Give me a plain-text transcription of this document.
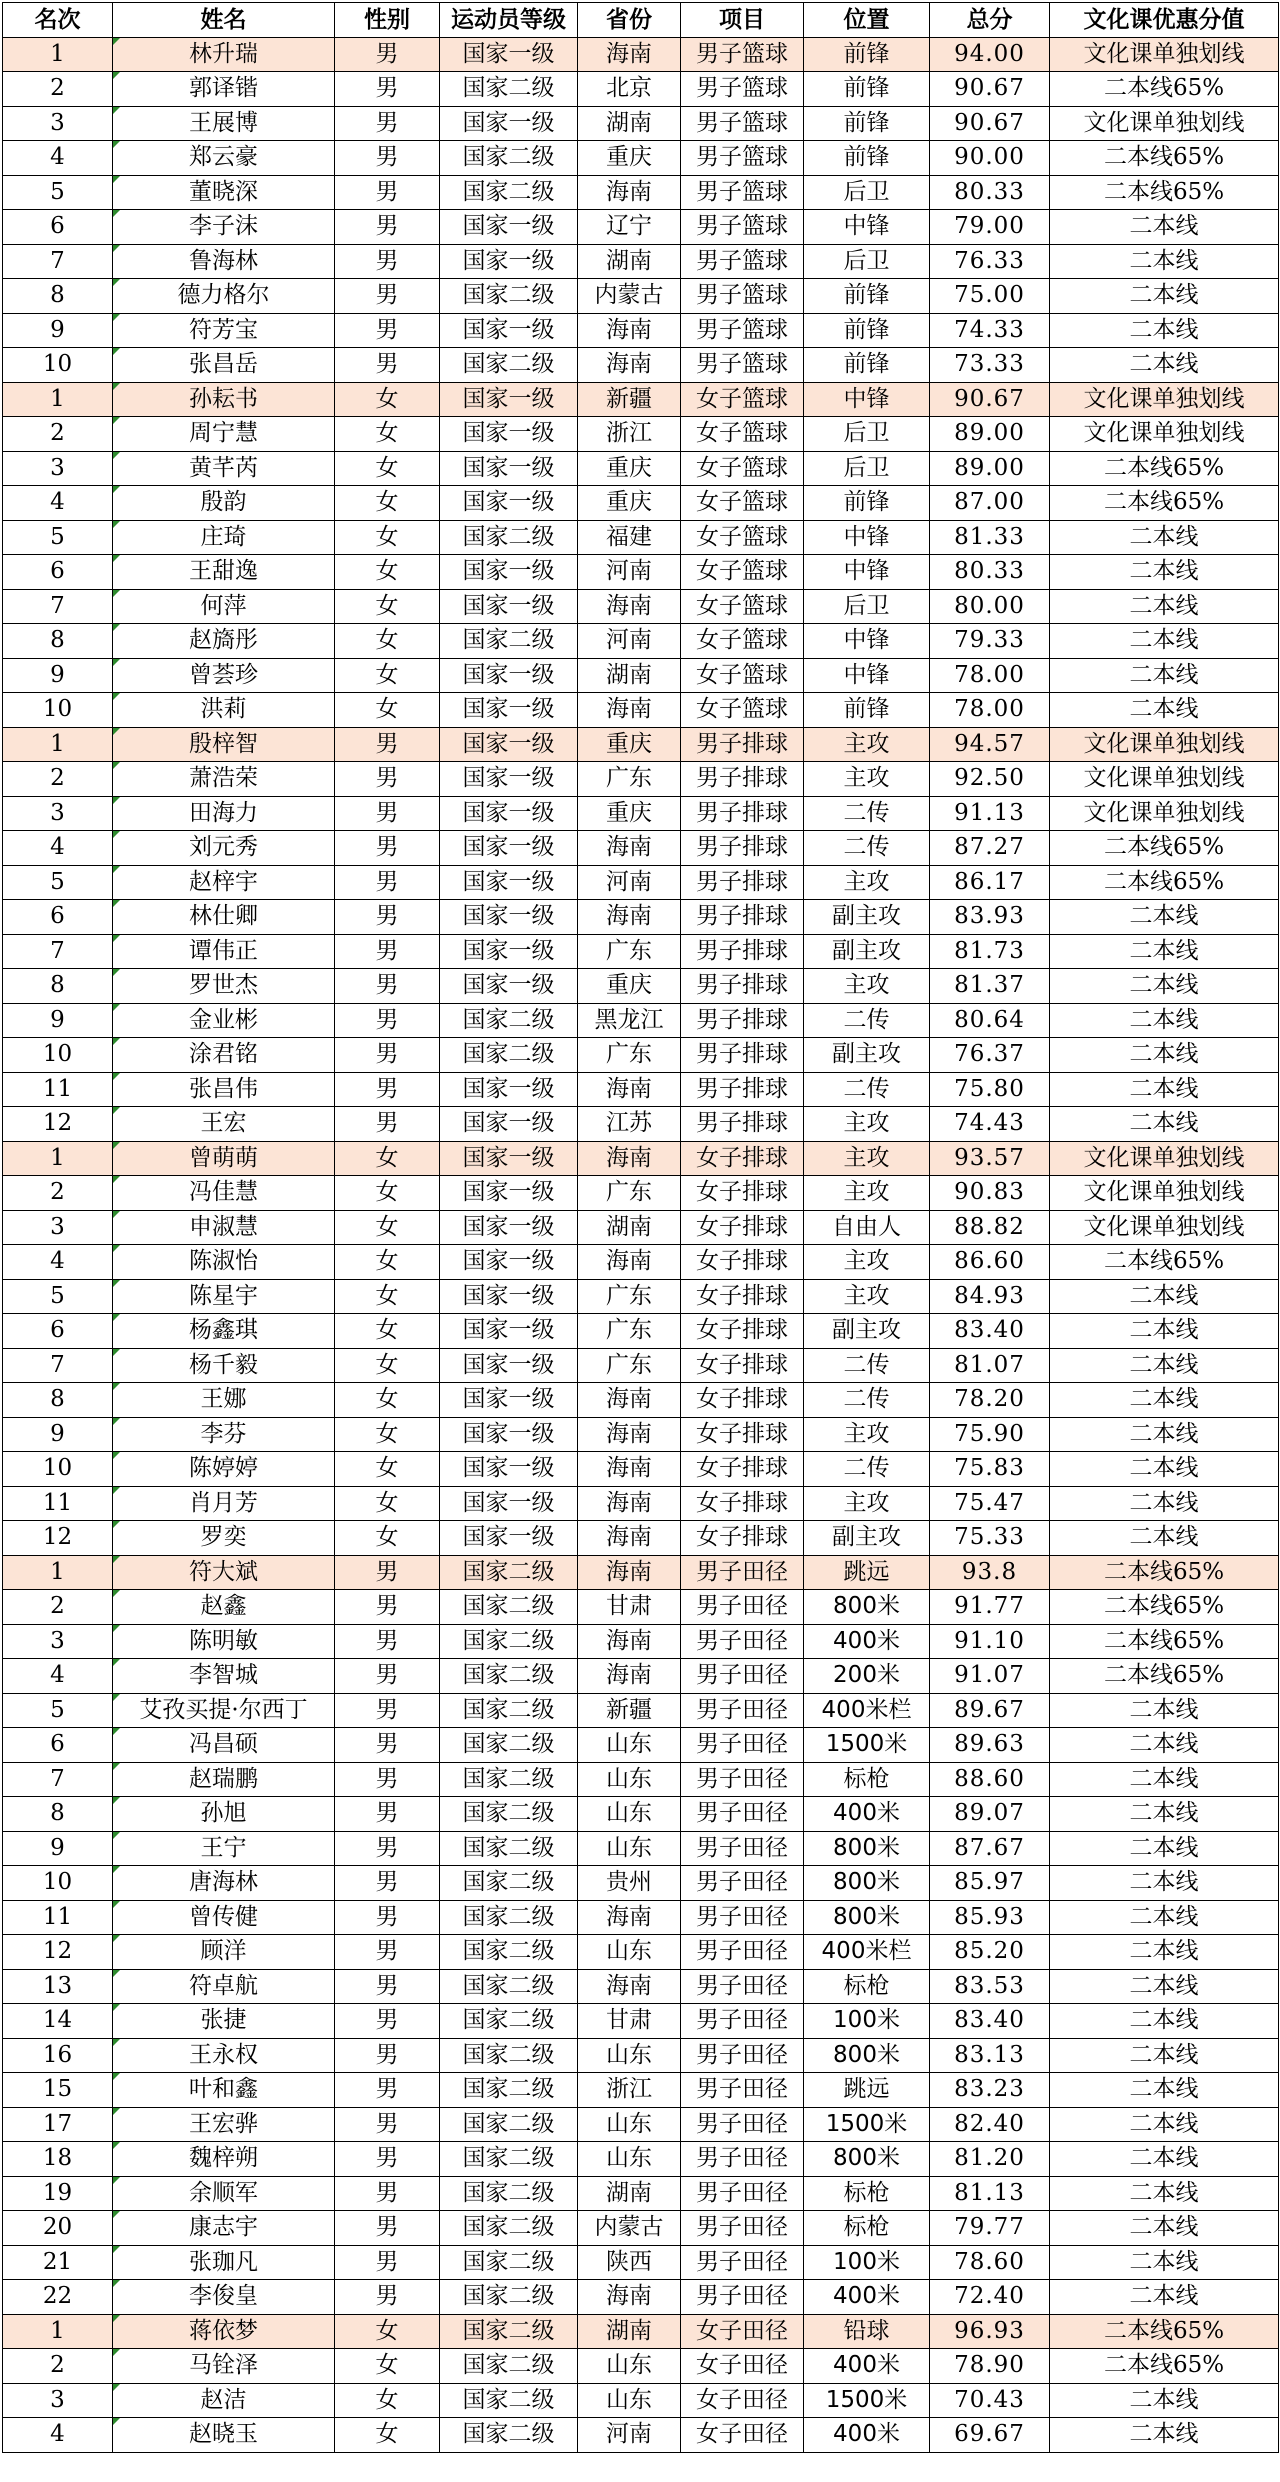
名次	姓名	性别	运动员等级	省份	项目	位置	总分	文化课优惠分值
1	林升瑞	男	国家一级	海南	男子篮球	前锋	94.00	文化课单独划线
2	郭译锴	男	国家二级	北京	男子篮球	前锋	90.67	二本线65%
3	王展博	男	国家一级	湖南	男子篮球	前锋	90.67	文化课单独划线
4	郑云豪	男	国家二级	重庆	男子篮球	前锋	90.00	二本线65%
5	董晓深	男	国家二级	海南	男子篮球	后卫	80.33	二本线65%
6	李子沫	男	国家一级	辽宁	男子篮球	中锋	79.00	二本线
7	鲁海林	男	国家一级	湖南	男子篮球	后卫	76.33	二本线
8	德力格尔	男	国家二级	内蒙古	男子篮球	前锋	75.00	二本线
9	符芳宝	男	国家一级	海南	男子篮球	前锋	74.33	二本线
10	张昌岳	男	国家二级	海南	男子篮球	前锋	73.33	二本线
1	孙耘书	女	国家一级	新疆	女子篮球	中锋	90.67	文化课单独划线
2	周宁慧	女	国家一级	浙江	女子篮球	后卫	89.00	文化课单独划线
3	黄芊芮	女	国家一级	重庆	女子篮球	后卫	89.00	二本线65%
4	殷韵	女	国家一级	重庆	女子篮球	前锋	87.00	二本线65%
5	庄琦	女	国家二级	福建	女子篮球	中锋	81.33	二本线
6	王甜逸	女	国家一级	河南	女子篮球	中锋	80.33	二本线
7	何萍	女	国家一级	海南	女子篮球	后卫	80.00	二本线
8	赵旖彤	女	国家二级	河南	女子篮球	中锋	79.33	二本线
9	曾荟珍	女	国家一级	湖南	女子篮球	中锋	78.00	二本线
10	洪莉	女	国家一级	海南	女子篮球	前锋	78.00	二本线
1	殷梓智	男	国家一级	重庆	男子排球	主攻	94.57	文化课单独划线
2	萧浩荣	男	国家一级	广东	男子排球	主攻	92.50	文化课单独划线
3	田海力	男	国家一级	重庆	男子排球	二传	91.13	文化课单独划线
4	刘元秀	男	国家一级	海南	男子排球	二传	87.27	二本线65%
5	赵梓宇	男	国家一级	河南	男子排球	主攻	86.17	二本线65%
6	林仕卿	男	国家一级	海南	男子排球	副主攻	83.93	二本线
7	谭伟正	男	国家一级	广东	男子排球	副主攻	81.73	二本线
8	罗世杰	男	国家一级	重庆	男子排球	主攻	81.37	二本线
9	金业彬	男	国家二级	黑龙江	男子排球	二传	80.64	二本线
10	涂君铭	男	国家二级	广东	男子排球	副主攻	76.37	二本线
11	张昌伟	男	国家一级	海南	男子排球	二传	75.80	二本线
12	王宏	男	国家一级	江苏	男子排球	主攻	74.43	二本线
1	曾萌萌	女	国家一级	海南	女子排球	主攻	93.57	文化课单独划线
2	冯佳慧	女	国家一级	广东	女子排球	主攻	90.83	文化课单独划线
3	申淑慧	女	国家一级	湖南	女子排球	自由人	88.82	文化课单独划线
4	陈淑怡	女	国家一级	海南	女子排球	主攻	86.60	二本线65%
5	陈星宇	女	国家一级	广东	女子排球	主攻	84.93	二本线
6	杨鑫琪	女	国家一级	广东	女子排球	副主攻	83.40	二本线
7	杨千毅	女	国家一级	广东	女子排球	二传	81.07	二本线
8	王娜	女	国家一级	海南	女子排球	二传	78.20	二本线
9	李芬	女	国家一级	海南	女子排球	主攻	75.90	二本线
10	陈婷婷	女	国家一级	海南	女子排球	二传	75.83	二本线
11	肖月芳	女	国家一级	海南	女子排球	主攻	75.47	二本线
12	罗奕	女	国家一级	海南	女子排球	副主攻	75.33	二本线
1	符大斌	男	国家二级	海南	男子田径	跳远	93.8	二本线65%
2	赵鑫	男	国家二级	甘肃	男子田径	800米	91.77	二本线65%
3	陈明敏	男	国家二级	海南	男子田径	400米	91.10	二本线65%
4	李智城	男	国家二级	海南	男子田径	200米	91.07	二本线65%
5	艾孜买提·尔西丁	男	国家二级	新疆	男子田径	400米栏	89.67	二本线
6	冯昌硕	男	国家二级	山东	男子田径	1500米	89.63	二本线
7	赵瑞鹏	男	国家二级	山东	男子田径	标枪	88.60	二本线
8	孙旭	男	国家二级	山东	男子田径	400米	89.07	二本线
9	王宁	男	国家二级	山东	男子田径	800米	87.67	二本线
10	唐海林	男	国家二级	贵州	男子田径	800米	85.97	二本线
11	曾传健	男	国家二级	海南	男子田径	800米	85.93	二本线
12	顾洋	男	国家二级	山东	男子田径	400米栏	85.20	二本线
13	符卓航	男	国家二级	海南	男子田径	标枪	83.53	二本线
14	张捷	男	国家二级	甘肃	男子田径	100米	83.40	二本线
16	王永权	男	国家二级	山东	男子田径	800米	83.13	二本线
15	叶和鑫	男	国家二级	浙江	男子田径	跳远	83.23	二本线
17	王宏骅	男	国家二级	山东	男子田径	1500米	82.40	二本线
18	魏梓朔	男	国家二级	山东	男子田径	800米	81.20	二本线
19	余顺军	男	国家二级	湖南	男子田径	标枪	81.13	二本线
20	康志宇	男	国家二级	内蒙古	男子田径	标枪	79.77	二本线
21	张珈凡	男	国家二级	陕西	男子田径	100米	78.60	二本线
22	李俊皇	男	国家二级	海南	男子田径	400米	72.40	二本线
1	蒋依梦	女	国家二级	湖南	女子田径	铅球	96.93	二本线65%
2	马铨泽	女	国家二级	山东	女子田径	400米	78.90	二本线65%
3	赵洁	女	国家二级	山东	女子田径	1500米	70.43	二本线
4	赵晓玉	女	国家二级	河南	女子田径	400米	69.67	二本线
